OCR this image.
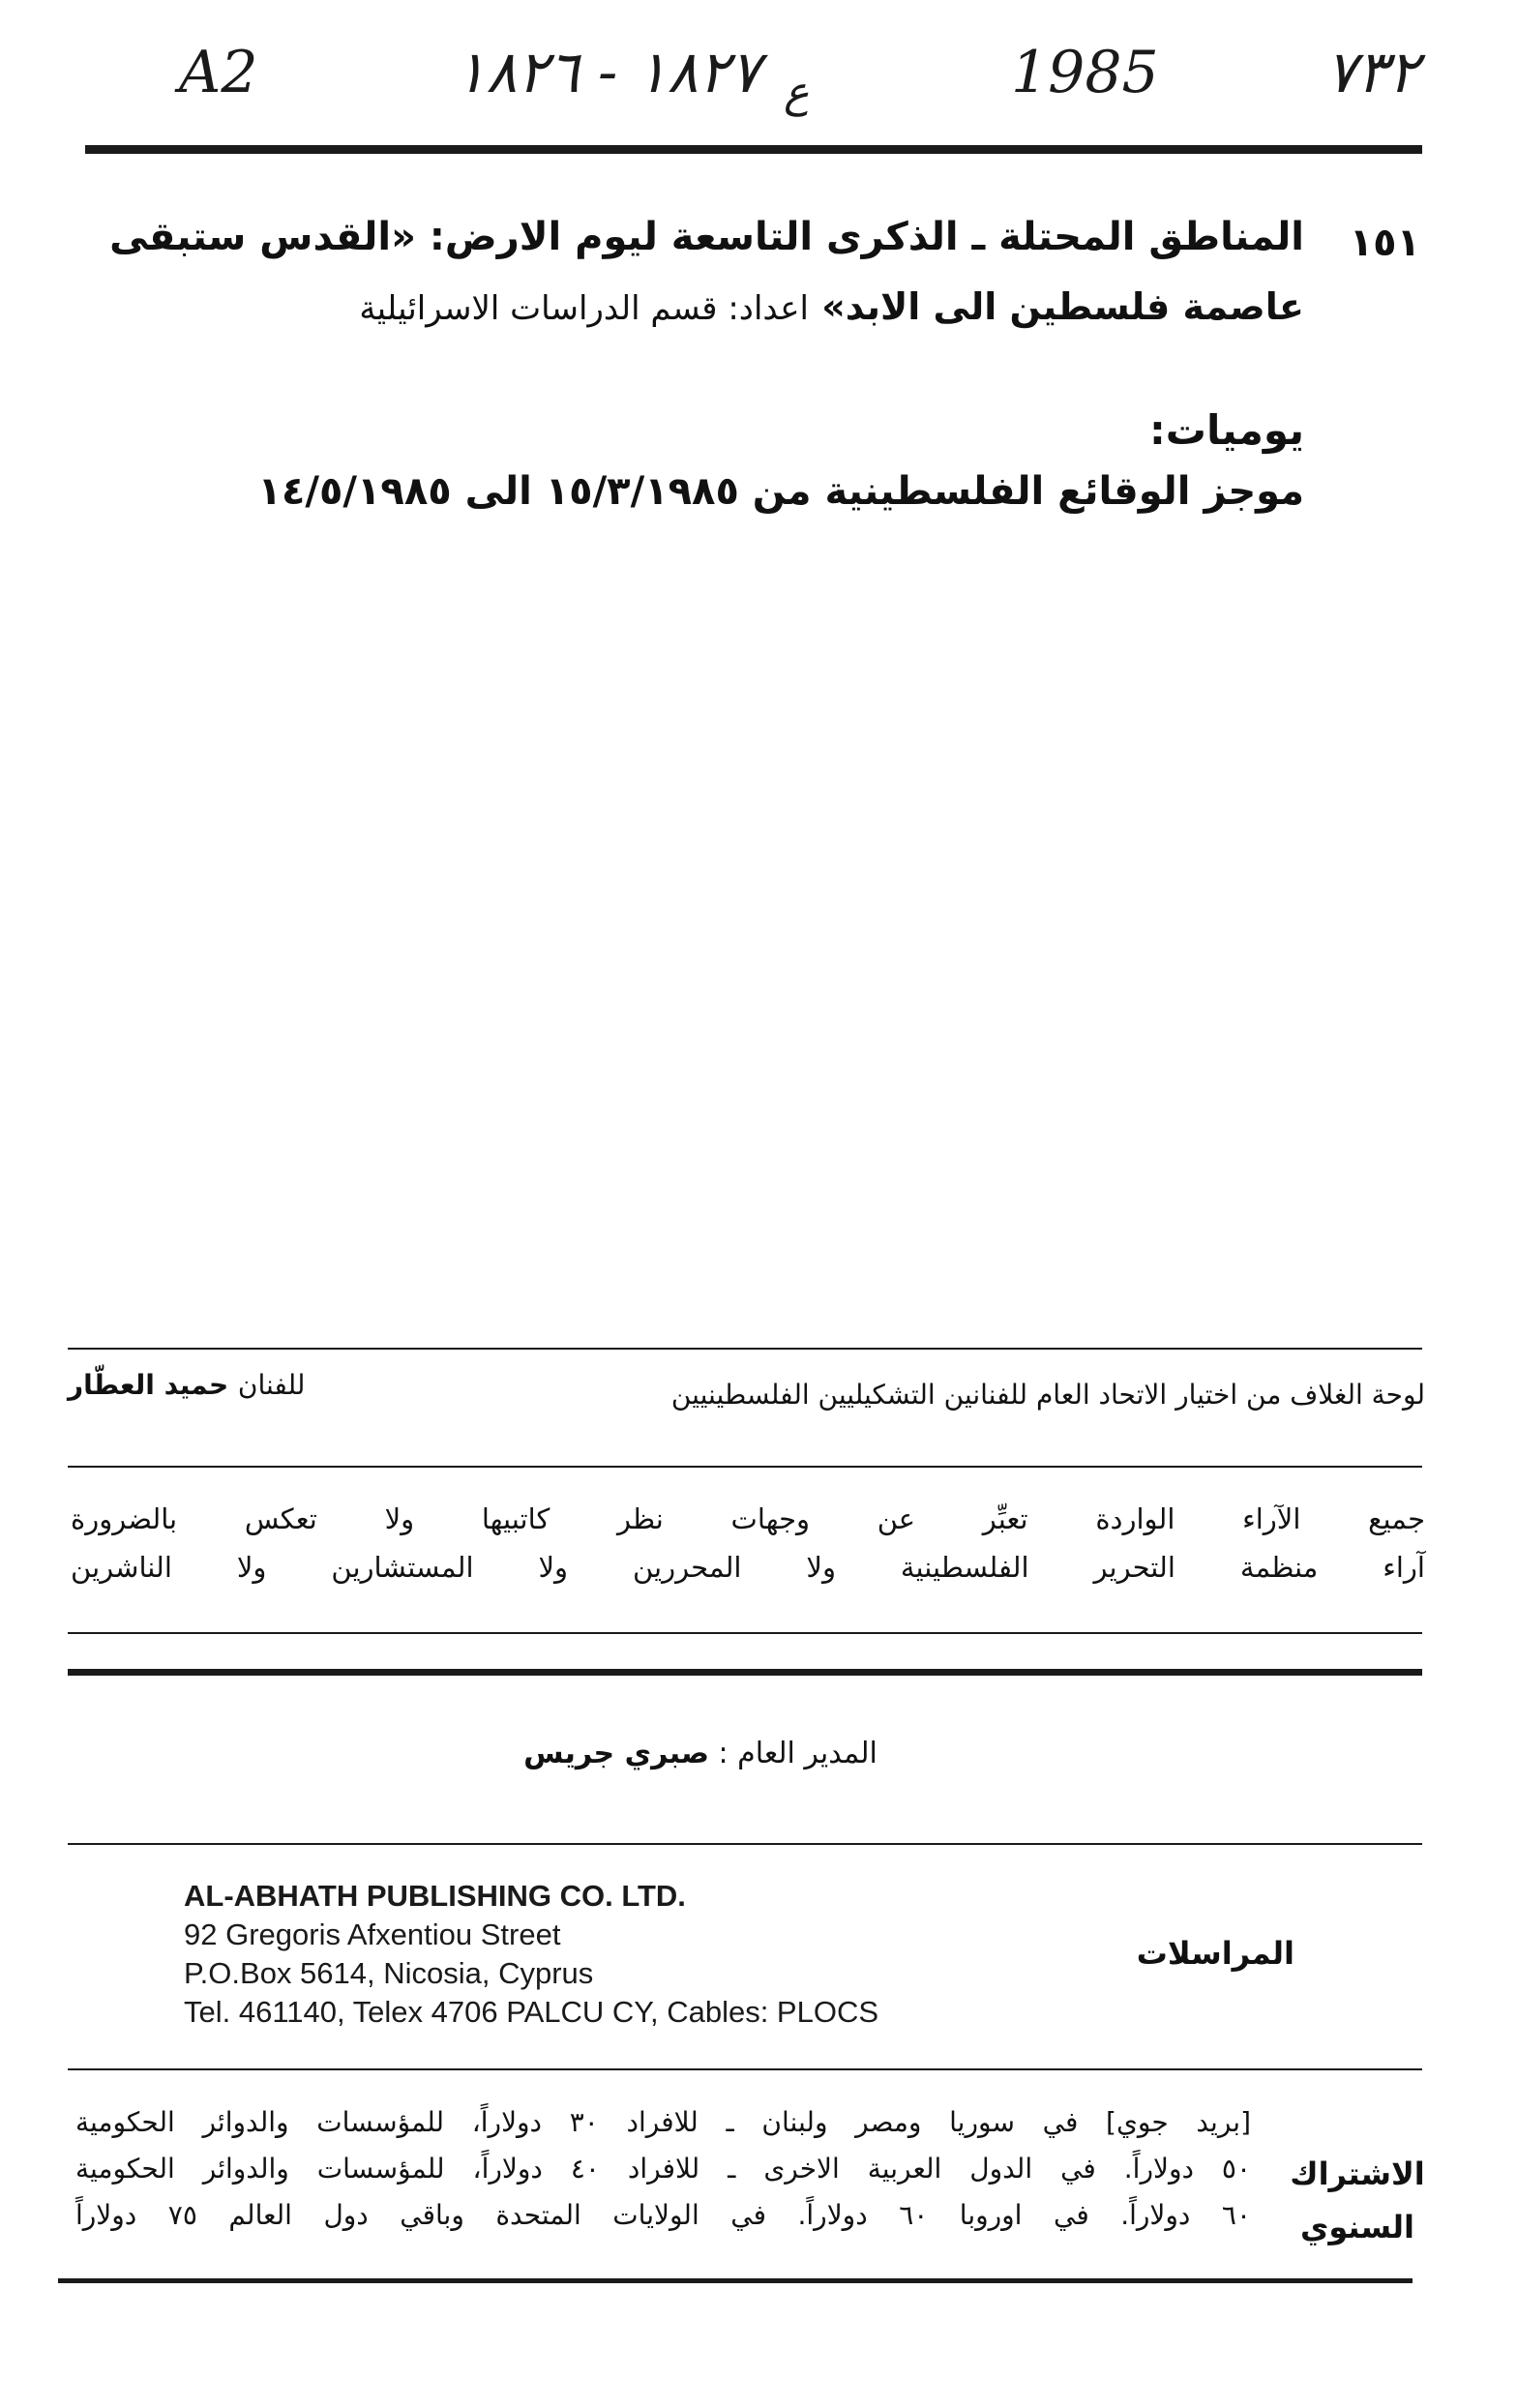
A2	١٨٢٧ - ١٨٢٦ ع	1985	٧٣٢
١٥١
المناطق المحتلة ـ الذكرى التاسعة ليوم الارض: «القدس ستبقى
عاصمة فلسطين الى الابد» اعداد: قسم الدراسات الاسرائيلية
يوميات:
موجز الوقائع الفلسطينية من ١٥/٣/١٩٨٥ الى ١٤/٥/١٩٨٥
للفنان حميد العطّار	لوحة الغلاف من اختيار الاتحاد العام للفنانين التشكيليين الفلسطينيين
جميع الآراء الواردة تعبِّر عن وجهات نظر كاتبيها ولا تعكس بالضرورة
آراء منظمة التحرير الفلسطينية ولا المحررين ولا المستشارين ولا الناشرين
المدير العام : صبري جريس
المراسلات
AL-ABHATH PUBLISHING CO. LTD.
92 Gregoris Afxentiou Street
P.O.Box 5614, Nicosia, Cyprus
Tel. 461140, Telex 4706 PALCU CY, Cables: PLOCS
الاشتراك
السنوي
[بريد جوي] في سوريا ومصر ولبنان ـ للافراد ٣٠ دولاراً، للمؤسسات والدوائر الحكومية
٥٠ دولاراً. في الدول العربية الاخرى ـ للافراد ٤٠ دولاراً، للمؤسسات والدوائر الحكومية
٦٠ دولاراً. في اوروبا ٦٠ دولاراً. في الولايات المتحدة وباقي دول العالم ٧٥ دولاراً
